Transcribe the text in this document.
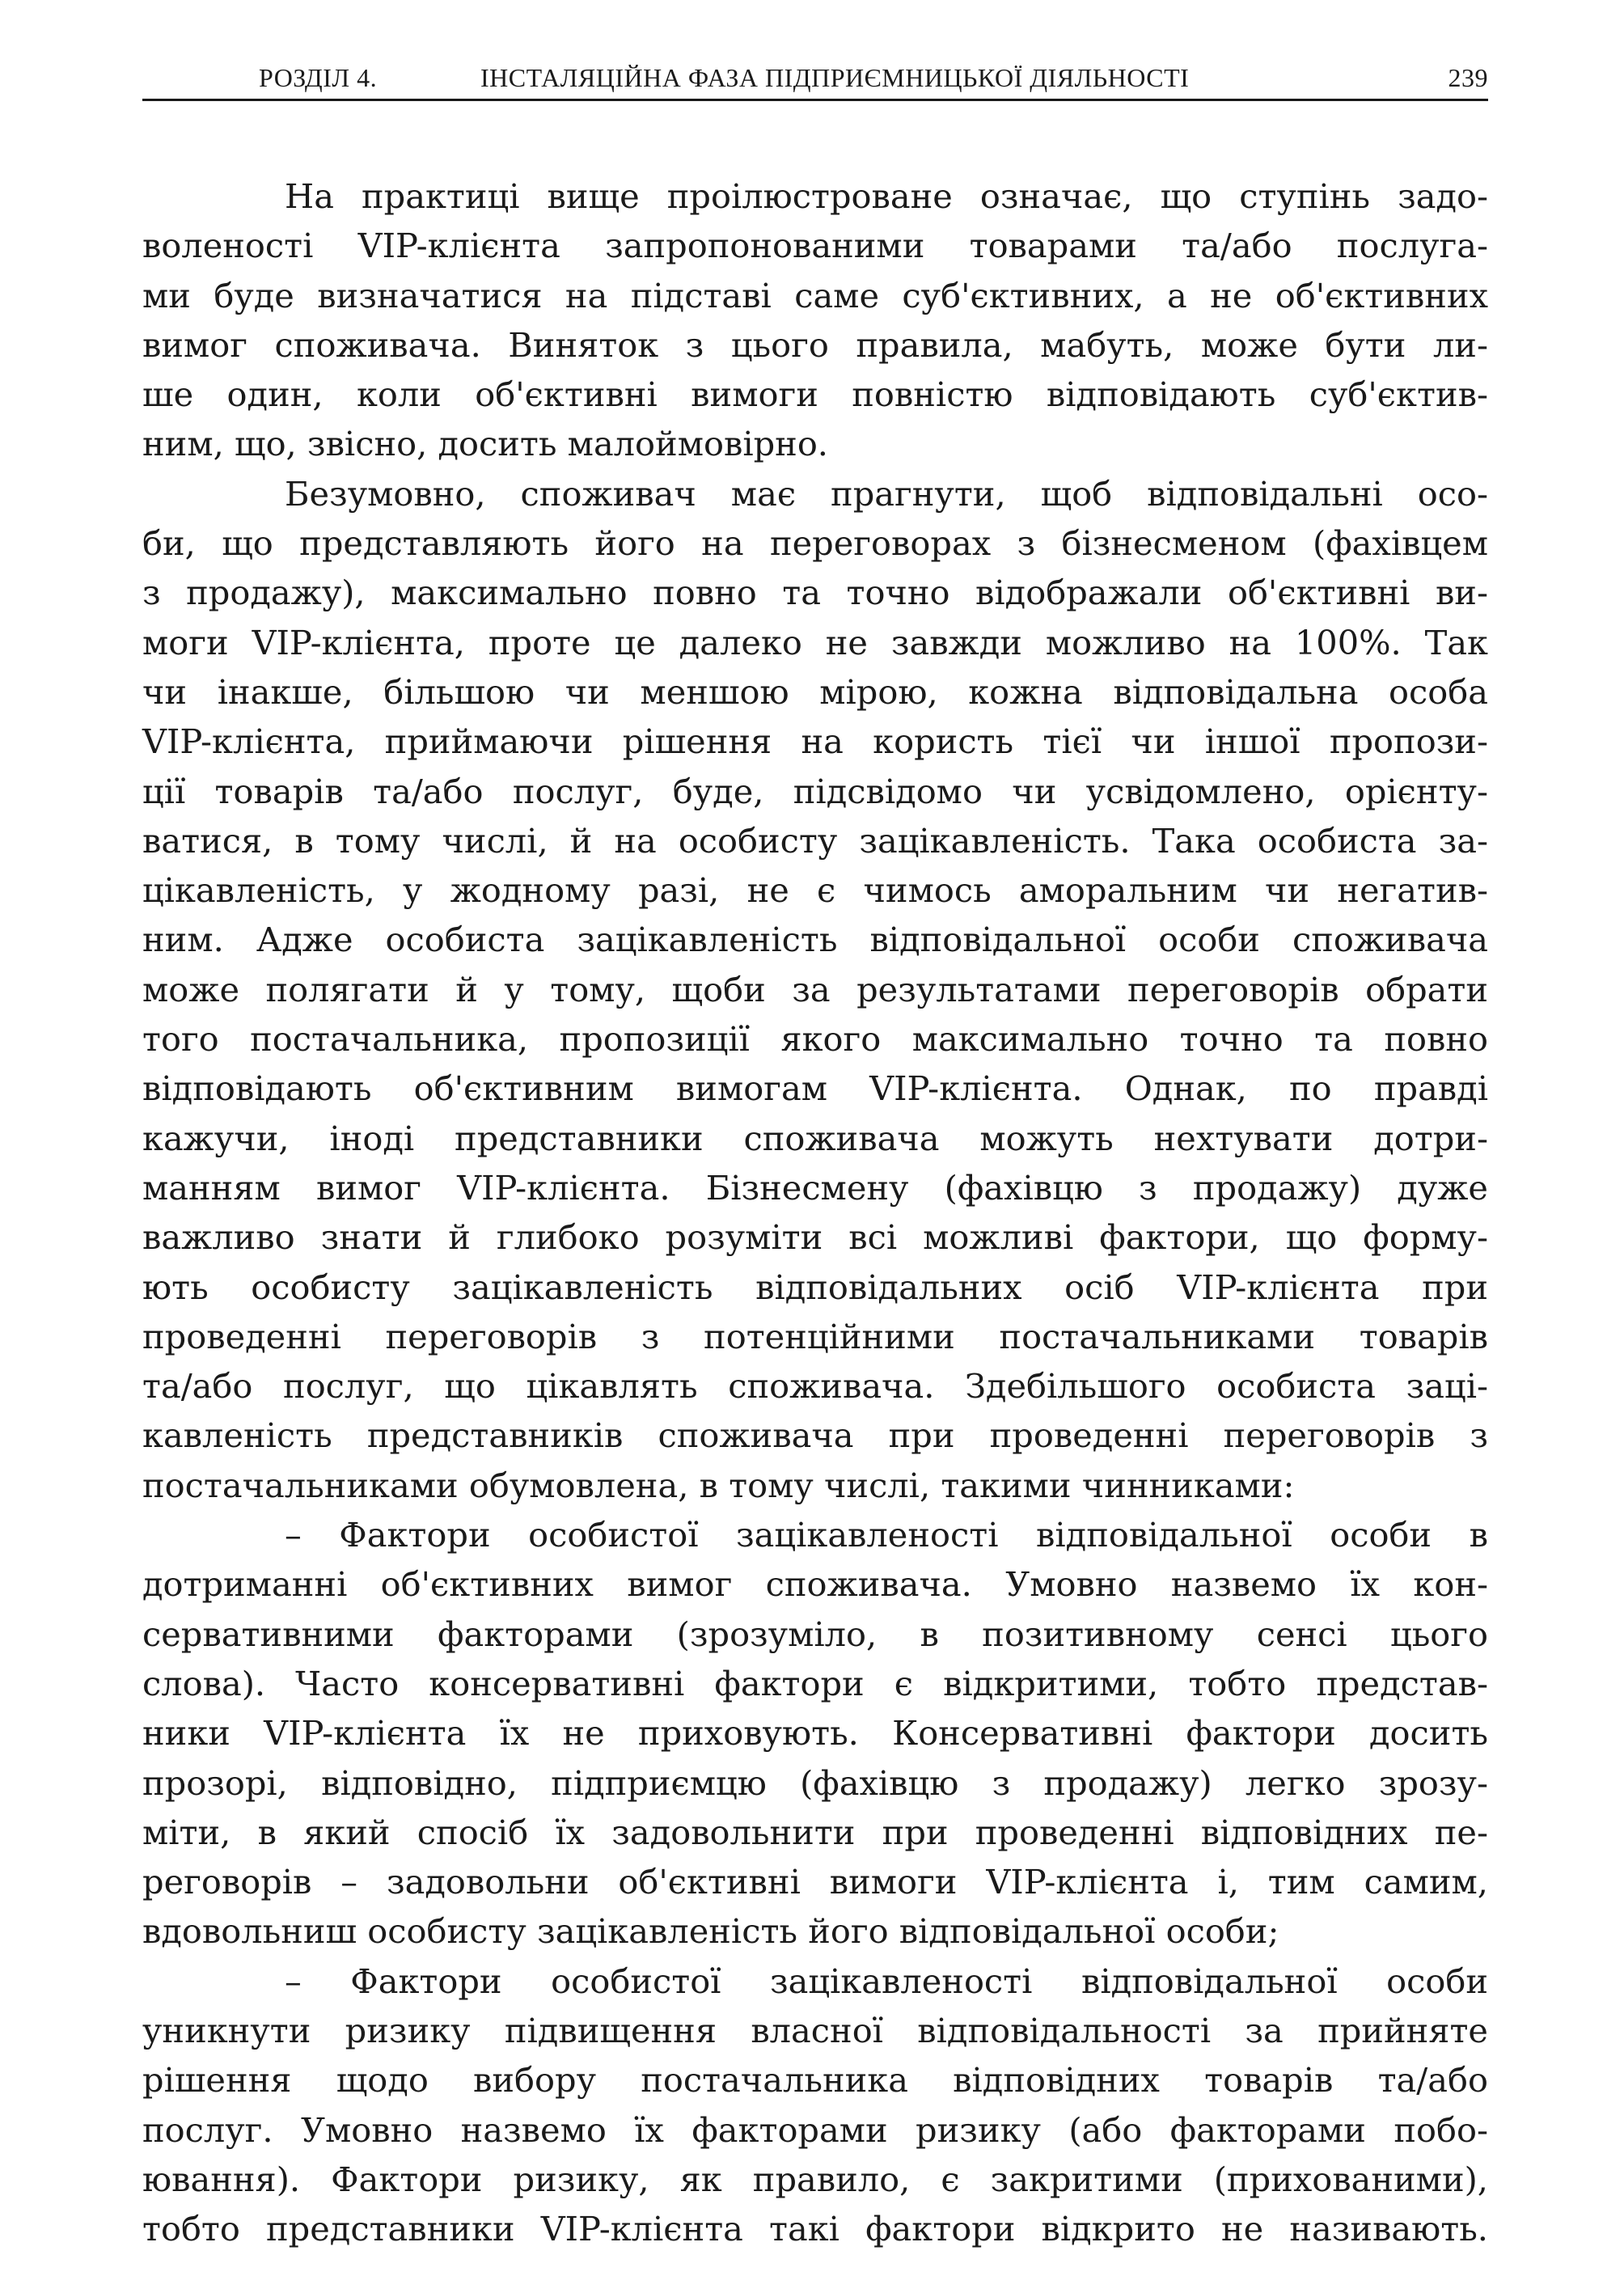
РОЗДІЛ 4.	ІНСТАЛЯЦІЙНА ФАЗА ПІДПРИЄМНИЦЬКОЇ ДІЯЛЬНОСТІ	239
На практиці вище проілюстроване означає, що ступінь задо-
воленості VIP-клієнта запропонованими товарами та/або послуга-
ми буде визначатися на підставі саме суб'єктивних, а не об'єктивних
вимог споживача. Виняток з цього правила, мабуть, може бути ли-
ше один, коли об'єктивні вимоги повністю відповідають суб'єктив-
ним, що, звісно, досить малоймовірно.
Безумовно, споживач має прагнути, щоб відповідальні осо-
би, що представляють його на переговорах з бізнесменом (фахівцем
з продажу), максимально повно та точно відображали об'єктивні ви-
моги VIP-клієнта, проте це далеко не завжди можливо на 100%. Так
чи інакше, більшою чи меншою мірою, кожна відповідальна особа
VIP-клієнта, приймаючи рішення на користь тієї чи іншої пропози-
ції товарів та/або послуг, буде, підсвідомо чи усвідомлено, орієнту-
ватися, в тому числі, й на особисту зацікавленість. Така особиста за-
цікавленість, у жодному разі, не є чимось аморальним чи негатив-
ним. Адже особиста зацікавленість відповідальної особи споживача
може полягати й у тому, щоби за результатами переговорів обрати
того постачальника, пропозиції якого максимально точно та повно
відповідають об'єктивним вимогам VIP-клієнта. Однак, по правді
кажучи, іноді представники споживача можуть нехтувати дотри-
манням вимог VIP-клієнта. Бізнесмену (фахівцю з продажу) дуже
важливо знати й глибоко розуміти всі можливі фактори, що форму-
ють особисту зацікавленість відповідальних осіб VIP-клієнта при
проведенні переговорів з потенційними постачальниками товарів
та/або послуг, що цікавлять споживача. Здебільшого особиста заці-
кавленість представників споживача при проведенні переговорів з
постачальниками обумовлена, в тому числі, такими чинниками:
– Фактори особистої зацікавленості відповідальної особи в
дотриманні об'єктивних вимог споживача. Умовно назвемо їх кон-
сервативними факторами (зрозуміло, в позитивному сенсі цього
слова). Часто консервативні фактори є відкритими, тобто представ-
ники VIP-клієнта їх не приховують. Консервативні фактори досить
прозорі, відповідно, підприємцю (фахівцю з продажу) легко зрозу-
міти, в який спосіб їх задовольнити при проведенні відповідних пе-
реговорів – задовольни об'єктивні вимоги VIP-клієнта і, тим самим,
вдовольниш особисту зацікавленість його відповідальної особи;
– Фактори особистої зацікавленості відповідальної особи
уникнути ризику підвищення власної відповідальності за прийняте
рішення щодо вибору постачальника відповідних товарів та/або
послуг. Умовно назвемо їх факторами ризику (або факторами побо-
ювання). Фактори ризику, як правило, є закритими (прихованими),
тобто представники VIP-клієнта такі фактори відкрито не називають.
